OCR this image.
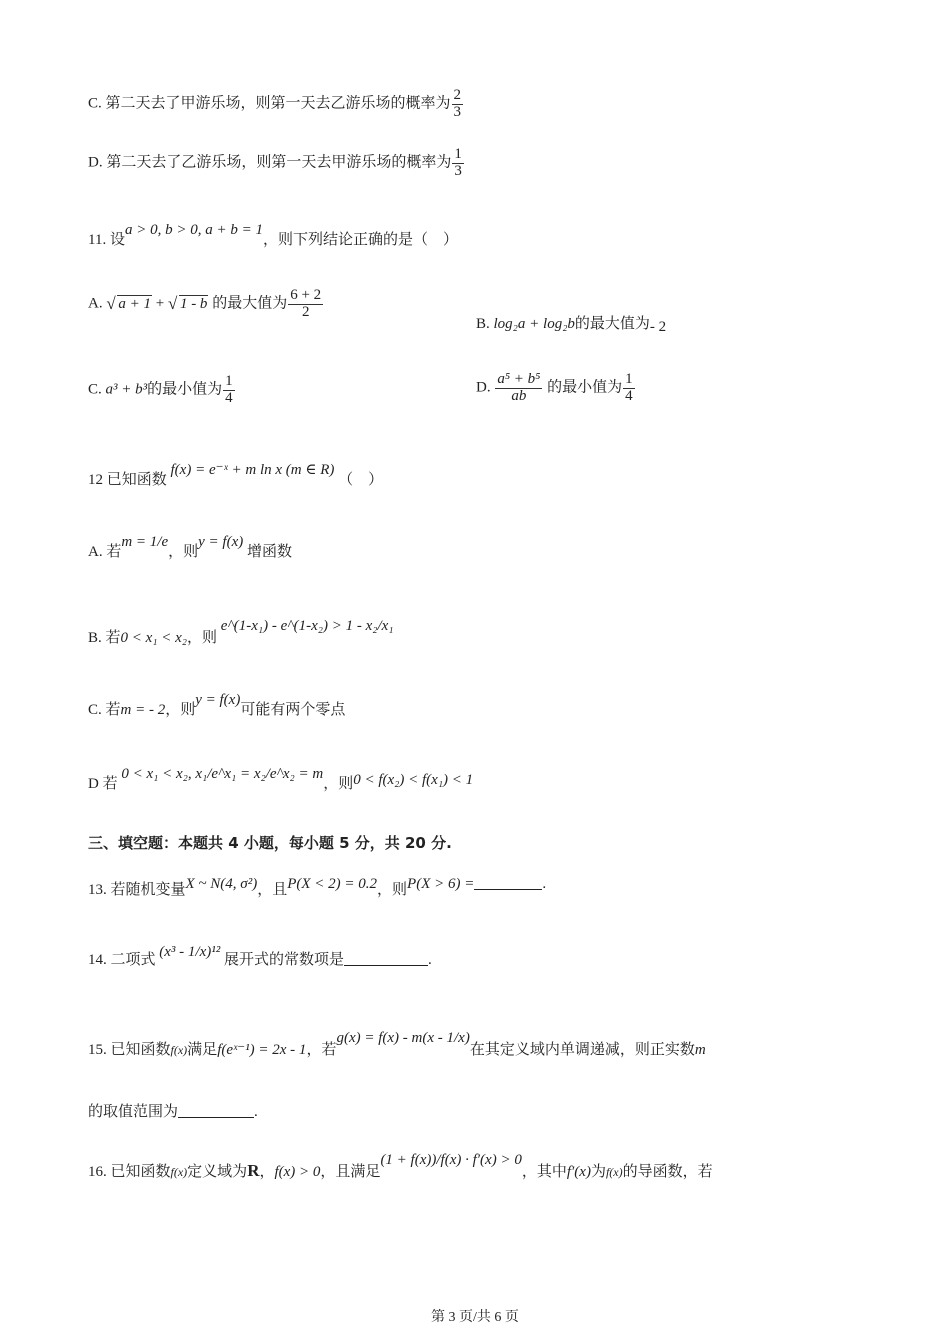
C. 第二天去了甲游乐场，则第一天去乙游乐场的概率为 $\frac{2}{3}$
D. 第二天去了乙游乐场，则第一天去甲游乐场的概率为 $\frac{1}{3}$
11. 设a > 0, b > 0, a + b = 1，则下列结论正确的是（　）
A. √ a + 1 + √ 1 - b 的最大值为 $\frac{6 + 2}{2}$
B. log₂a + log₂b的最大值为- 2
C. a³ + b³的最小值为 $\frac{1}{4}$	D. $\frac{\text{a⁵ + b⁵}}{ab}$ 的最小值为 $\frac{1}{4}$
12 已知函数 f(x) = e⁻ˣ + m ln x (m ∈ R) （　）
A. 若m = 1/e，则y = f(x) 增函数
B. 若0 < x₁ < x₂，则 e^(1-x₁) - e^(1-x₂) > 1 - x₂/x₁
C. 若m = - 2，则y = f(x)可能有两个零点
D 若 0 < x₁ < x₂, x₁/e^x₁ = x₂/e^x₂ = m，则0 < f(x₂) < f(x₁) < 1
三、填空题：本题共 4 小题，每小题 5 分，共 20 分.
13. 若随机变量X ~ N(4, σ²)，且P(X < 2) = 0.2，则P(X > 6) =	.
14. 二项式 (x³ - 1/x)¹² 展开式的常数项是	.
15. 已知函数$_{f(x)}$满足f(eˣ⁻¹) = 2x - 1，若g(x) = f(x) - m(x - 1/x)在其定义域内单调递减，则正实数m
的取值范围为	.
16. 已知函数$_{f(x)}$定义域为R，f(x) > 0，且满足(1 + f(x))/f(x) · f′(x) > 0，其中f′(x)为$_{f(x)}$的导函数，若
第 3 页/共 6 页
